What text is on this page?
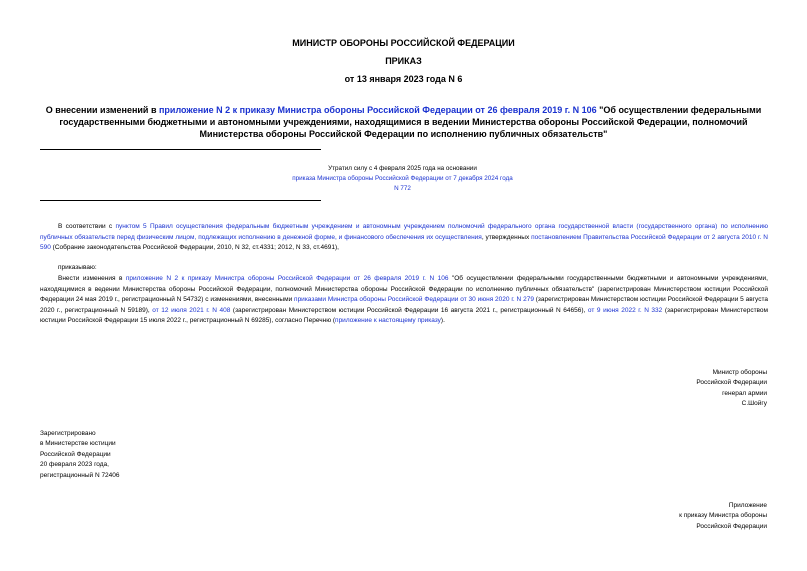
МИНИСТР ОБОРОНЫ РОССИЙСКОЙ ФЕДЕРАЦИИ
ПРИКАЗ
от 13 января 2023 года N 6
О внесении изменений в приложение N 2 к приказу Министра обороны Российской Федерации от 26 февраля 2019 г. N 106 "Об осуществлении федеральными государственными бюджетными и автономными учреждениями, находящимися в ведении Министерства обороны Российской Федерации, полномочий Министерства обороны Российской Федерации по исполнению публичных обязательств"
Утратил силу с 4 февраля 2025 года на основании
приказа Министра обороны Российской Федерации от 7 декабря 2024 года N 772
В соответствии с пунктом 5 Правил осуществления федеральным бюджетным учреждением и автономным учреждением полномочий федерального органа государственной власти (государственного органа) по исполнению публичных обязательств перед физическим лицом, подлежащих исполнению в денежной форме, и финансового обеспечения их осуществления, утвержденных постановлением Правительства Российской Федерации от 2 августа 2010 г. N 590 (Собрание законодательства Российской Федерации, 2010, N 32, ст.4331; 2012, N 33, ст.4691),
приказываю:
Внести изменения в приложение N 2 к приказу Министра обороны Российской Федерации от 26 февраля 2019 г. N 106 "Об осуществлении федеральными государственными бюджетными и автономными учреждениями, находящимися в ведении Министерства обороны Российской Федерации, полномочий Министерства обороны Российской Федерации по исполнению публичных обязательств" (зарегистрирован Министерством юстиции Российской Федерации 24 мая 2019 г., регистрационный N 54732) с изменениями, внесенными приказами Министра обороны Российской Федерации от 30 июня 2020 г. N 279 (зарегистрирован Министерством юстиции Российской Федерации 5 августа 2020 г., регистрационный N 59189), от 12 июля 2021 г. N 408 (зарегистрирован Министерством юстиции Российской Федерации 16 августа 2021 г., регистрационный N 64656), от 9 июня 2022 г. N 332 (зарегистрирован Министерством юстиции Российской Федерации 15 июля 2022 г., регистрационный N 69285), согласно Перечню (приложение к настоящему приказу).
Министр обороны
Российской Федерации
генерал армии
С.Шойгу
Зарегистрировано
в Министерстве юстиции
Российской Федерации
20 февраля 2023 года,
регистрационный N 72406
Приложение
к приказу Министра обороны
Российской Федерации
